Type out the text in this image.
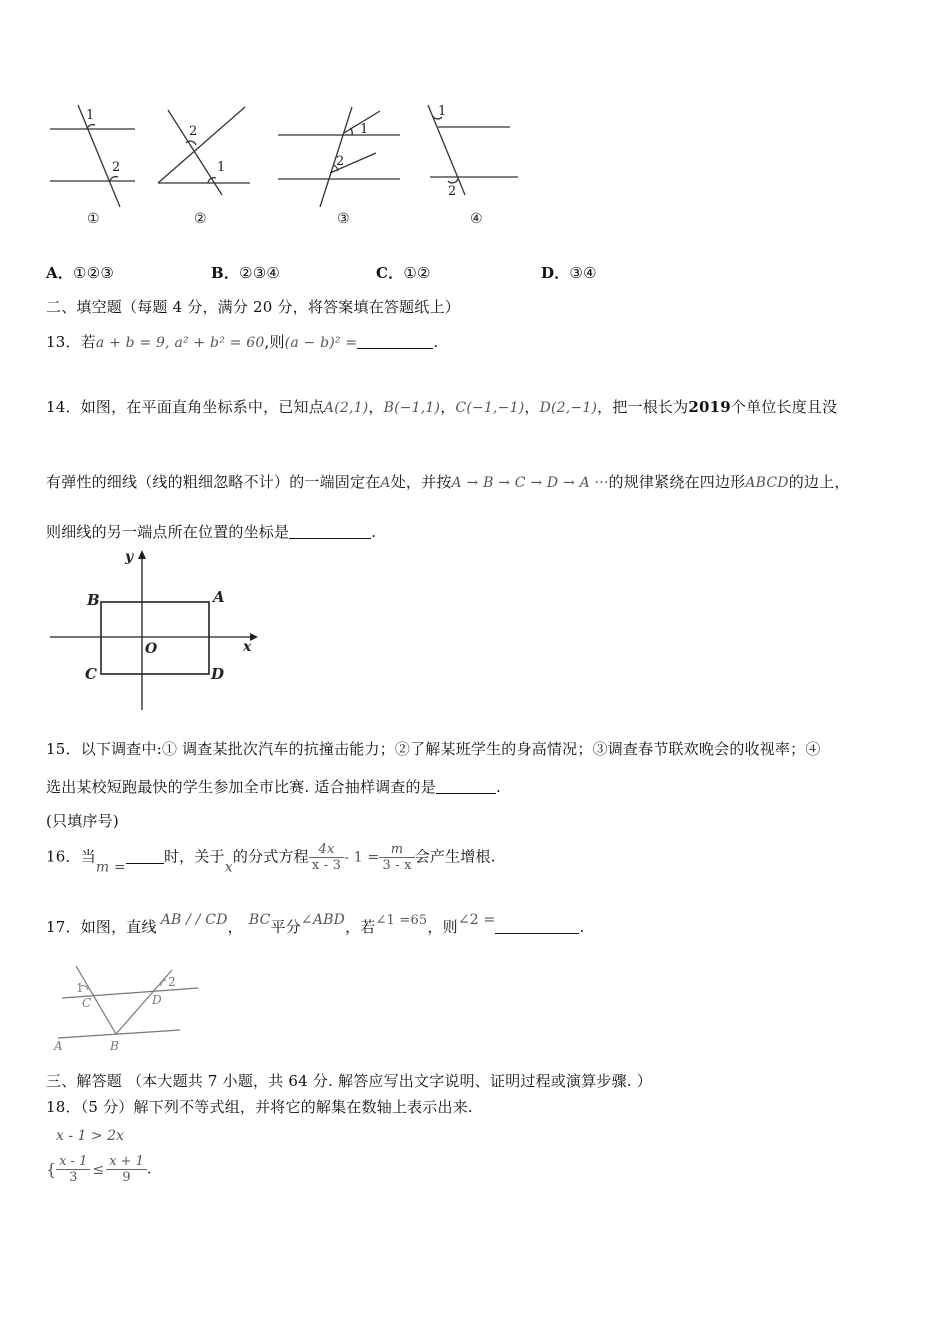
1
2
①
2
1
②
1
2
③
1
2
④
A．①②③	B．②③④	C．①②	D．③④
二、填空题（每题 4 分，满分 20 分，将答案填在答题纸上）
13．若a + b = 9, a² + b² = 60,则(a − b)² =	.
14．如图，在平面直角坐标系中，已知点A(2,1)，B(−1,1)，C(−1,−1)，D(2,−1)，把一根长为2019个单位长度且没
有弹性的细线（线的粗细忽略不计）的一端固定在A处，并按A → B → C → D → A ···的规律紧绕在四边形ABCD的边上，
则细线的另一端点所在位置的坐标是	.
y
x
B	A
O
C	D
15．以下调查中:① 调查某批次汽车的抗撞击能力；②了解某班学生的身高情况；③调查春节联欢晚会的收视率；④
选出某校短跑最快的学生参加全市比赛. 适合抽样调查的是	.
(只填序号)
16．当m =时，关于x的分式方程 $\frac{4x}{x - 3} - 1 = \frac{m}{3 - x}$ 会产生增根.
17．如图，直线 AB / / CD， BC平分∠ABD，若∠1 =65，则∠2 =	.
1
C
2
D
A	B
三、解答题 （本大题共 7 小题，共 64 分. 解答应写出文字说明、证明过程或演算步骤. ）
18．（5 分）解下列不等式组，并将它的解集在数轴上表示出来.
x - 1 > 2x
{ $\frac{x - 1}{3} \le \frac{x + 1}{9}$ .
